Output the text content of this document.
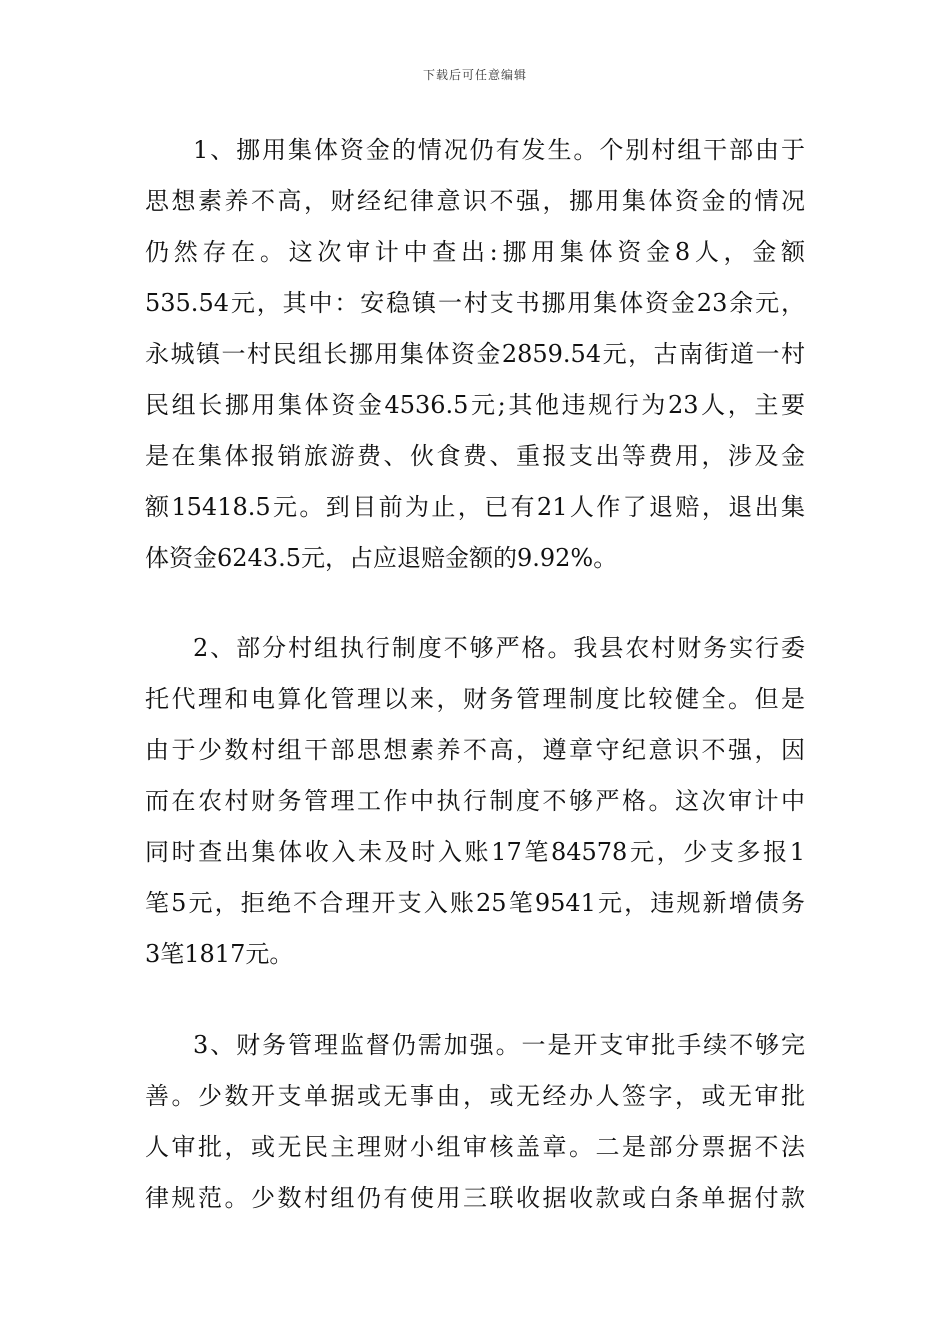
下载后可任意编辑
1、挪用集体资金的情况仍有发生。个别村组干部由于
思想素养不高，财经纪律意识不强，挪用集体资金的情况
仍然存在。这次审计中查出:挪用集体资金8人，金额
535.54元，其中：安稳镇一村支书挪用集体资金23余元，
永城镇一村民组长挪用集体资金2859.54元，古南街道一村
民组长挪用集体资金4536.5元;其他违规行为23人，主要
是在集体报销旅游费、伙食费、重报支出等费用，涉及金
额15418.5元。到目前为止，已有21人作了退赔，退出集
体资金6243.5元，占应退赔金额的9.92%。
2、部分村组执行制度不够严格。我县农村财务实行委
托代理和电算化管理以来，财务管理制度比较健全。但是
由于少数村组干部思想素养不高，遵章守纪意识不强，因
而在农村财务管理工作中执行制度不够严格。这次审计中
同时查出集体收入未及时入账17笔84578元，少支多报1
笔5元，拒绝不合理开支入账25笔9541元，违规新增债务
3笔1817元。
3、财务管理监督仍需加强。一是开支审批手续不够完
善。少数开支单据或无事由，或无经办人签字，或无审批
人审批，或无民主理财小组审核盖章。二是部分票据不法
律规范。少数村组仍有使用三联收据收款或白条单据付款
